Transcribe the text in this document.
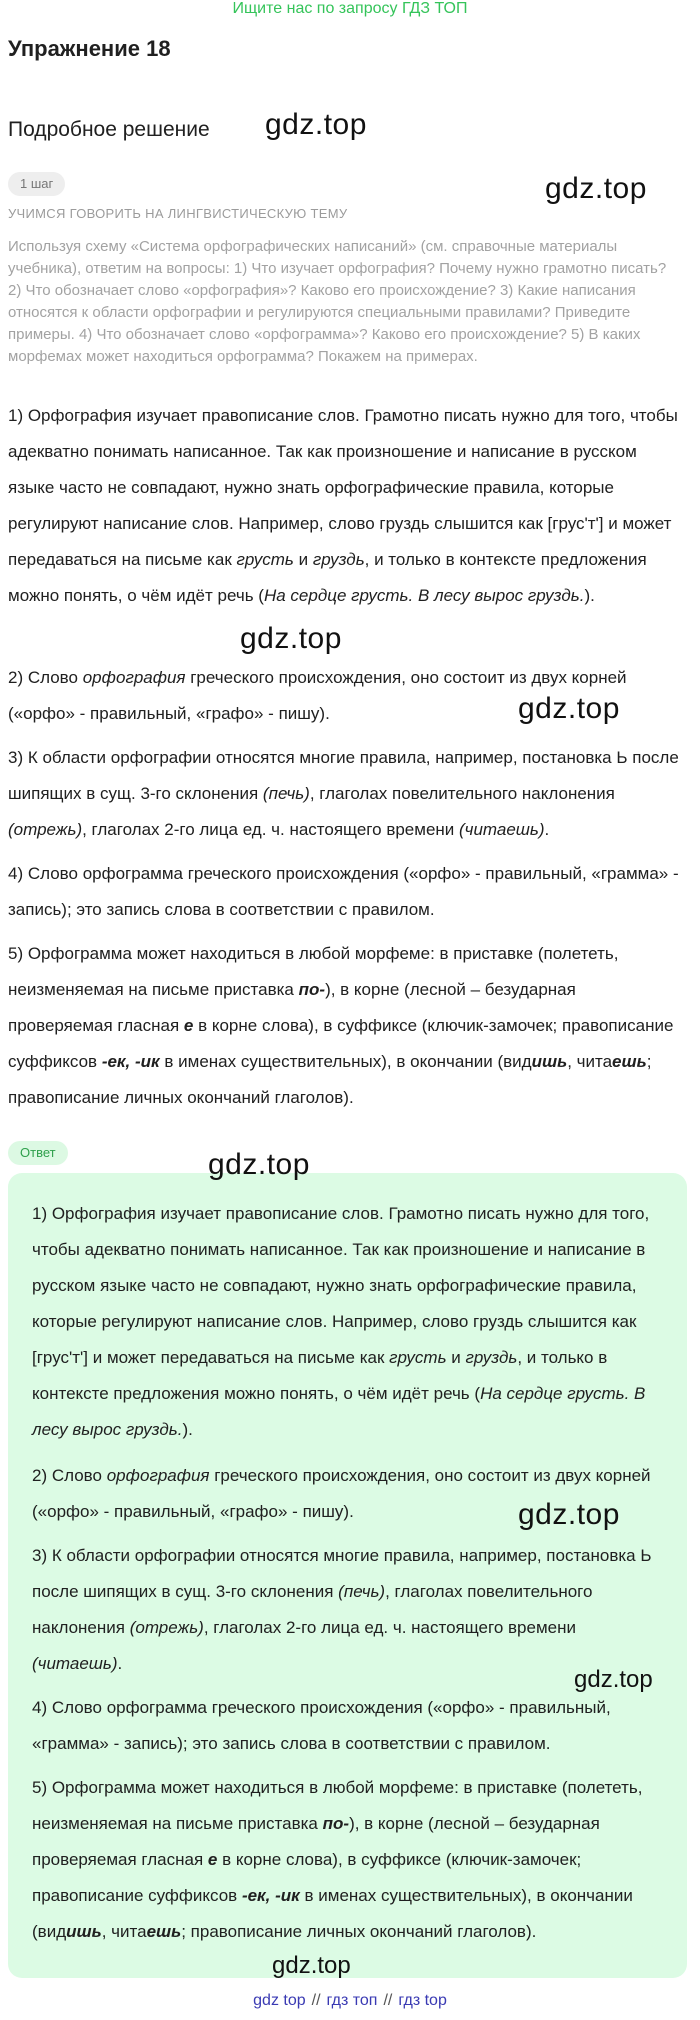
Ищите нас по запросу ГДЗ ТОП
Упражнение 18
Подробное решение
1 шаг
УЧИМСЯ ГОВОРИТЬ НА ЛИНГВИСТИЧЕСКУЮ ТЕМУ

Используя схему «Система орфографических написаний» (см. справочные материалы учебника), ответим на вопросы: 1) Что изучает орфография? Почему нужно грамотно писать? 2) Что обозначает слово «орфография»? Каково его происхождение? 3) Какие написания относятся к области орфографии и регулируются специальными правилами? Приведите примеры. 4) Что обозначает слово «орфограмма»? Каково его происхождение? 5) В каких морфемах может находиться орфограмма? Покажем на примерах.

1) Орфография изучает правописание слов. Грамотно писать нужно для того, чтобы адекватно понимать написанное. Так как произношение и написание в русском языке часто не совпадают, нужно знать орфографические правила, которые регулируют написание слов. Например, слово груздь слышится как [грус'т'] и может передаваться на письме как грусть и груздь, и только в контексте предложения можно понять, о чём идёт речь (На сердце грусть. В лесу вырос груздь.).

2) Слово орфография греческого происхождения, оно состоит из двух корней («орфо» - правильный, «графо» - пишу).

3) К области орфографии относятся многие правила, например, постановка Ь после шипящих в сущ. 3-го склонения (печь), глаголах повелительного наклонения (отрежь), глаголах 2-го лица ед. ч. настоящего времени (читаешь).

4) Слово орфограмма греческого происхождения («орфо» - правильный, «грамма» - запись); это запись слова в соответствии с правилом.

5) Орфограмма может находиться в любой морфеме: в приставке (полететь, неизменяемая на письме приставка по-), в корне (лесной – безударная проверяемая гласная е в корне слова), в суффиксе (ключик-замочек; правописание суффиксов -ек, -ик в именах существительных), в окончании (видишь, читаешь; правописание личных окончаний глаголов).

Ответ

1) Орфография изучает правописание слов. Грамотно писать нужно для того, чтобы адекватно понимать написанное. Так как произношение и написание в русском языке часто не совпадают, нужно знать орфографические правила, которые регулируют написание слов. Например, слово груздь слышится как [грус'т'] и может передаваться на письме как грусть и груздь, и только в контексте предложения можно понять, о чём идёт речь (На сердце грусть. В лесу вырос груздь.).

2) Слово орфография греческого происхождения, оно состоит из двух корней («орфо» - правильный, «графо» - пишу).

3) К области орфографии относятся многие правила, например, постановка Ь после шипящих в сущ. 3-го склонения (печь), глаголах повелительного наклонения (отрежь), глаголах 2-го лица ед. ч. настоящего времени (читаешь).

4) Слово орфограмма греческого происхождения («орфо» - правильный, «грамма» - запись); это запись слова в соответствии с правилом.

5) Орфограмма может находиться в любой морфеме: в приставке (полететь, неизменяемая на письме приставка по-), в корне (лесной – безударная проверяемая гласная е в корне слова), в суффиксе (ключик-замочек; правописание суффиксов -ек, -ик в именах существительных), в окончании (видишь, читаешь; правописание личных окончаний глаголов).

gdz.top
gdz.top
gdz.top
gdz.top
gdz.top
gdz.top
gdz.top
gdz.top
gdz top // гдз топ // гдз top
